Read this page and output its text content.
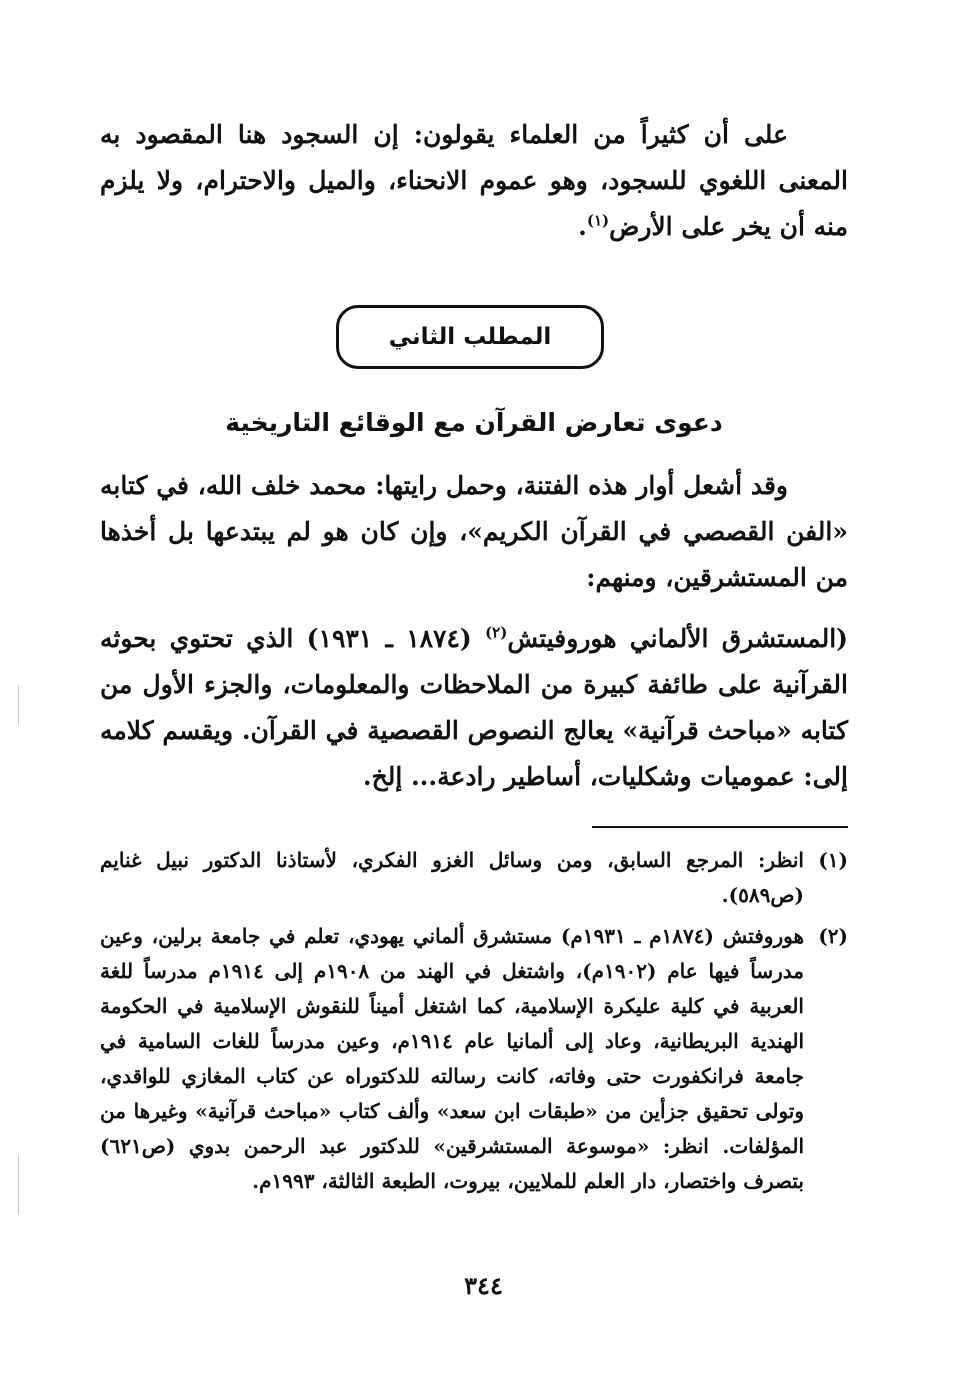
على أن كثيراً من العلماء يقولون: إن السجود هنا المقصود به المعنى اللغوي للسجود، وهو عموم الانحناء، والميل والاحترام، ولا يلزم منه أن يخر على الأرض$^{(١)}$.
المطلب الثاني
دعوى تعارض القرآن مع الوقائع التاريخية
وقد أشعل أوار هذه الفتنة، وحمل رايتها: محمد خلف الله، في كتابه «الفن القصصي في القرآن الكريم»، وإن كان هو لم يبتدعها بل أخذها من المستشرقين، ومنهم:
(المستشرق الألماني هوروفيتش$^{(٢)}$ (١٨٧٤ ـ ١٩٣١) الذي تحتوي بحوثه القرآنية على طائفة كبيرة من الملاحظات والمعلومات، والجزء الأول من كتابه «مباحث قرآنية» يعالج النصوص القصصية في القرآن. ويقسم كلامه إلى: عموميات وشكليات، أساطير رادعة... إلخ.
(١)
انظر: المرجع السابق، ومن وسائل الغزو الفكري، لأستاذنا الدكتور نبيل غنايم (ص٥٨٩).
(٢)
هوروفتش (١٨٧٤م ـ ١٩٣١م) مستشرق ألماني يهودي، تعلم في جامعة برلين، وعين مدرساً فيها عام (١٩٠٢م)، واشتغل في الهند من ١٩٠٨م إلى ١٩١٤م مدرساً للغة العربية في كلية عليكرة الإسلامية، كما اشتغل أميناً للنقوش الإسلامية في الحكومة الهندية البريطانية، وعاد إلى ألمانيا عام ١٩١٤م، وعين مدرساً للغات السامية في جامعة فرانكفورت حتى وفاته، كانت رسالته للدكتوراه عن كتاب المغازي للواقدي، وتولى تحقيق جزأين من «طبقات ابن سعد» وألف كتاب «مباحث قرآنية» وغيرها من المؤلفات. انظر: «موسوعة المستشرقين» للدكتور عبد الرحمن بدوي (ص٦٢١) بتصرف واختصار، دار العلم للملايين، بيروت، الطبعة الثالثة، ١٩٩٣م.
٣٤٤
